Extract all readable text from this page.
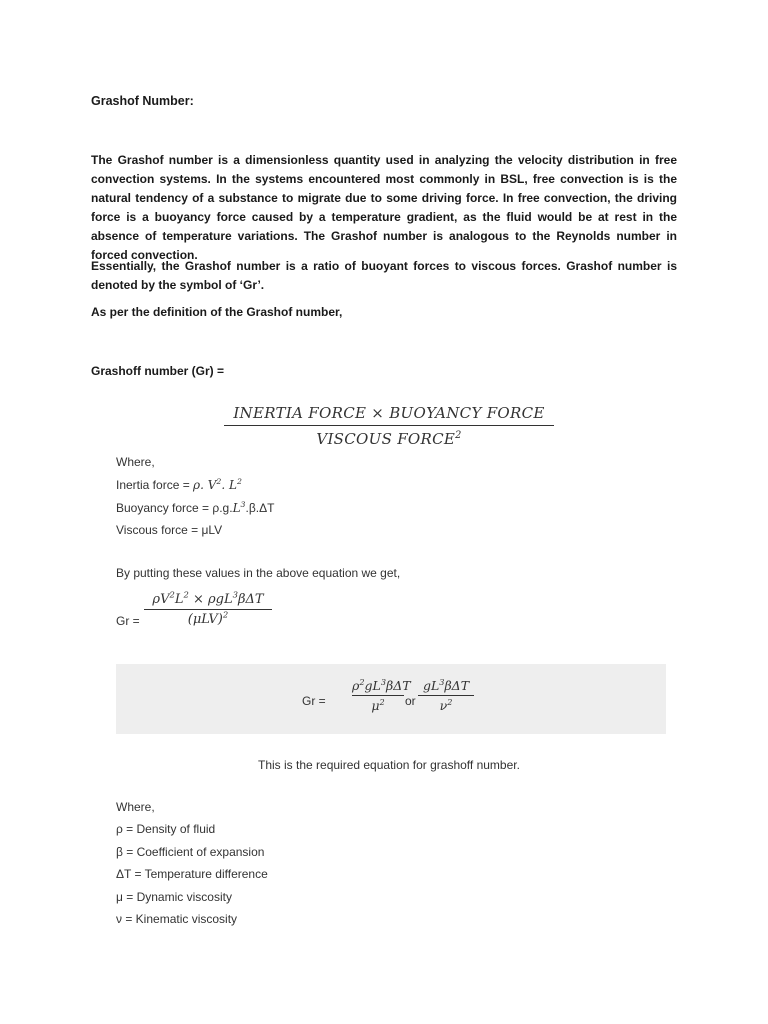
Grashof Number:

The Grashof number is a dimensionless quantity used in analyzing the velocity distribution in free convection systems. In the systems encountered most commonly in BSL, free convection is is the natural tendency of a substance to migrate due to some driving force. In free convection, the driving force is a buoyancy force caused by a temperature gradient, as the fluid would be at rest in the absence of temperature variations. The Grashof number is analogous to the Reynolds number in forced convection.

Essentially, the Grashof number is a ratio of buoyant forces to viscous forces. Grashof number is denoted by the symbol of ‘Gr’.

As per the definition of the Grashof number,

Grashoff number (Gr) =

INERTIA FORCE × BUOYANCY FORCE
VISCOUS FORCE$^2$
Where,
Inertia force = ρ. $V^2$. $L^2$
Buoyancy force = $\rho.g.L^3.\beta.\Delta T$
Viscous force = μLV
By putting these values in the above equation we get,
Gr =
$\rho V^2L^2 \times \rho gL^3\beta\Delta T$
$(\mu LV)^2$
Gr =
$\rho^2gL^3\beta\Delta T$
$\mu^2$	or
$gL^3\beta\Delta T$
$\nu^2$
This is the required equation for grashoff number.
Where,
ρ = Density of fluid
β = Coefficient of expansion
ΔT = Temperature difference
μ = Dynamic viscosity
ν = Kinematic viscosity
